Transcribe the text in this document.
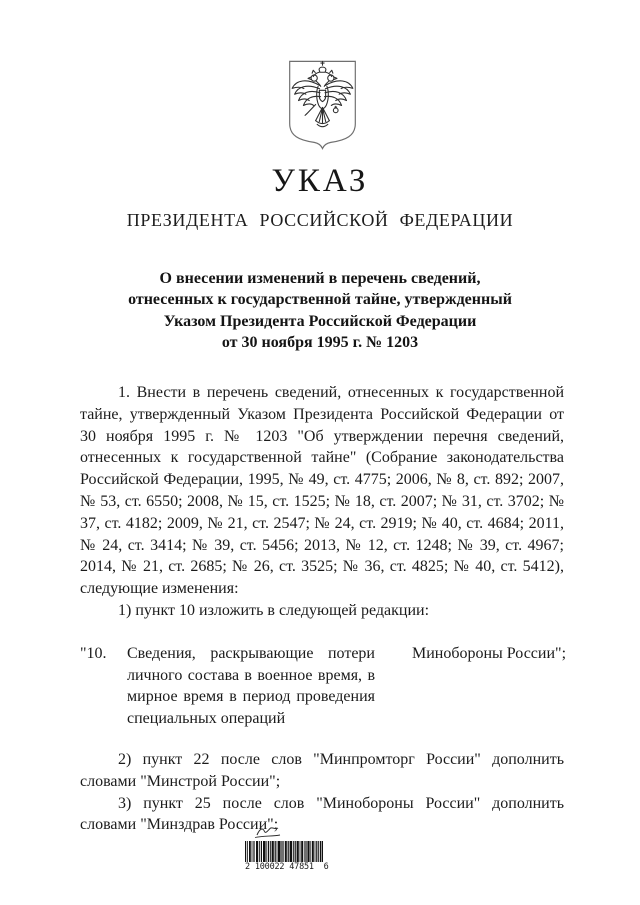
УКАЗ
ПРЕЗИДЕНТА РОССИЙСКОЙ ФЕДЕРАЦИИ
О внесении изменений в перечень сведений,
отнесенных к государственной тайне, утвержденный
Указом Президента Российской Федерации
от 30 ноября 1995 г. № 1203

1. Внести в перечень сведений, отнесенных к государственной тайне, утвержденный Указом Президента Российской Федерации от 30 ноября 1995 г. № 1203 "Об утверждении перечня сведений, отнесенных к государственной тайне" (Собрание законодательства Российской Федерации, 1995, № 49, ст. 4775; 2006, № 8, ст. 892; 2007, № 53, ст. 6550; 2008, № 15, ст. 1525; № 18, ст. 2007; № 31, ст. 3702; № 37, ст. 4182; 2009, № 21, ст. 2547; № 24, ст. 2919; № 40, ст. 4684; 2011, № 24, ст. 3414; № 39, ст. 5456; 2013, № 12, ст. 1248; № 39, ст. 4967; 2014, № 21, ст. 2685; № 26, ст. 3525; № 36, ст. 4825; № 40, ст. 5412), следующие изменения:

1) пункт 10 изложить в следующей редакции:

"10.	Сведения, раскрывающие потери личного состава в военное время, в мирное время в период проведения специальных операций
Минобороны России";

2) пункт 22 после слов "Минпромторг России" дополнить словами "Минстрой России";

3) пункт 25 после слов "Минобороны России" дополнить словами "Минздрав России";

2 100022 47851  6
